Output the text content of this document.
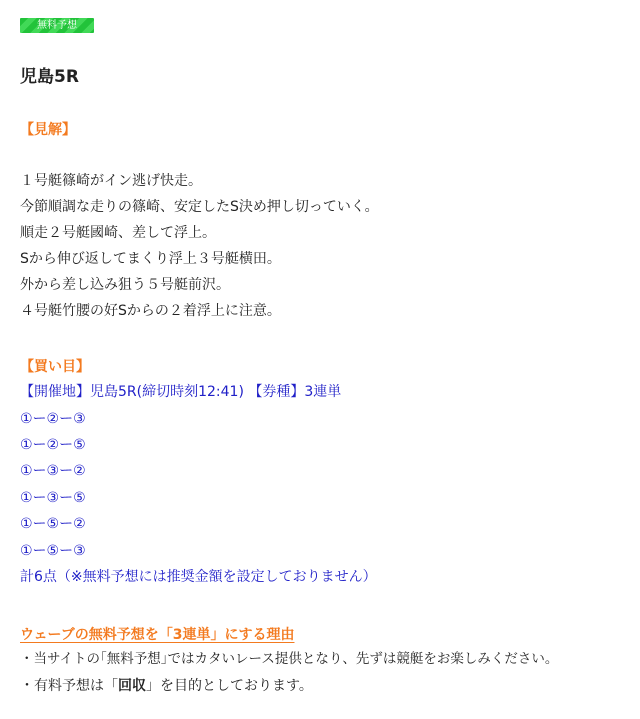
無料予想
児島5R
【見解】
１号艇篠崎がイン逃げ快走。
今節順調な走りの篠崎、安定したS決め押し切っていく。
順走２号艇國崎、差して浮上。
Sから伸び返してまくり浮上３号艇横田。
外から差し込み狙う５号艇前沢。
４号艇竹腰の好Sからの２着浮上に注意。
【買い目】
【開催地】児島5R(締切時刻12:41) 【券種】3連単
①ー②ー③
①ー②ー⑤
①ー③ー②
①ー③ー⑤
①ー⑤ー②
①ー⑤ー③
計6点（※無料予想には推奨金額を設定しておりません）
ウェーブの無料予想を「3連単」にする理由
・当サイトの｢無料予想｣ではカタいレース提供となり、先ずは競艇をお楽しみください。
・有料予想は「回収」を目的としております。
